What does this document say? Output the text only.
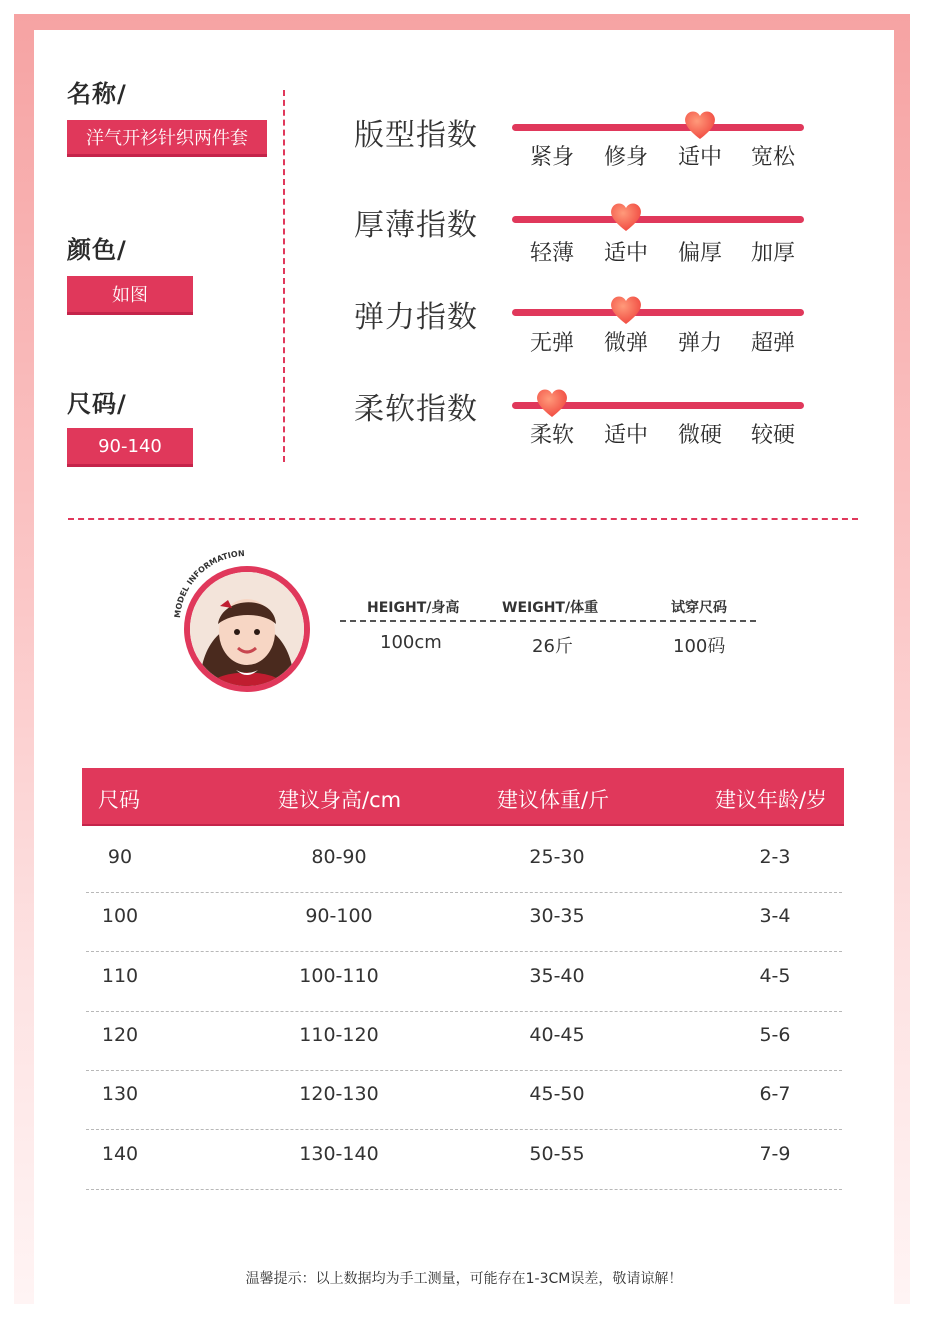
名称/
洋气开衫针织两件套
颜色/
如图
尺码/
90-140
版型指数
紧身	修身	适中	宽松
厚薄指数
轻薄	适中	偏厚	加厚
弹力指数
无弹	微弹	弹力	超弹
柔软指数
柔软	适中	微硬	较硬
MODEL INFORMATION
HEIGHT/身高	WEIGHT/体重	试穿尺码
100cm	26斤	100码
尺码	建议身高/cm	建议体重/斤	建议年龄/岁
90	80-90	25-30	2-3
100	90-100	30-35	3-4
110	100-110	35-40	4-5
120	110-120	40-45	5-6
130	120-130	45-50	6-7
140	130-140	50-55	7-9
温馨提示：以上数据均为手工测量，可能存在1-3CM误差，敬请谅解！
